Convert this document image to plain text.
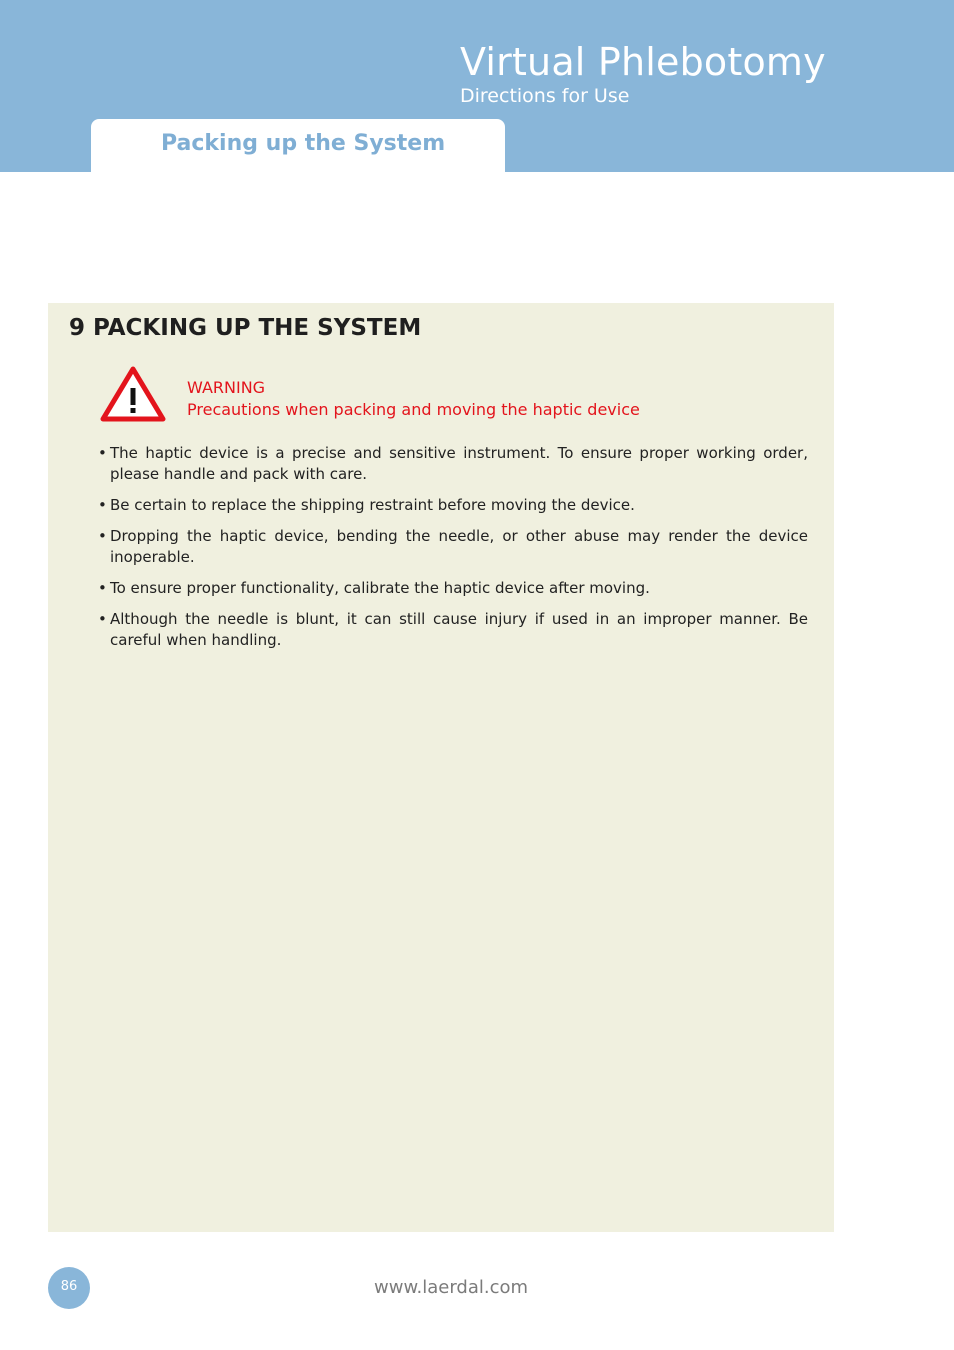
Virtual Phlebotomy
Directions for Use
Packing up the System
9 PACKING UP THE SYSTEM
WARNING
Precautions when packing and moving the haptic device
• The haptic device is a precise and sensitive instrument. To ensure proper working order, please handle and pack with care.
• Be certain to replace the shipping restraint before moving the device.
• Dropping the haptic device, bending the needle, or other abuse may render the device inoperable.
• To ensure proper functionality, calibrate the haptic device after moving.
• Although the needle is blunt, it can still cause injury if used in an improper manner. Be careful when handling.
86	www.laerdal.com
